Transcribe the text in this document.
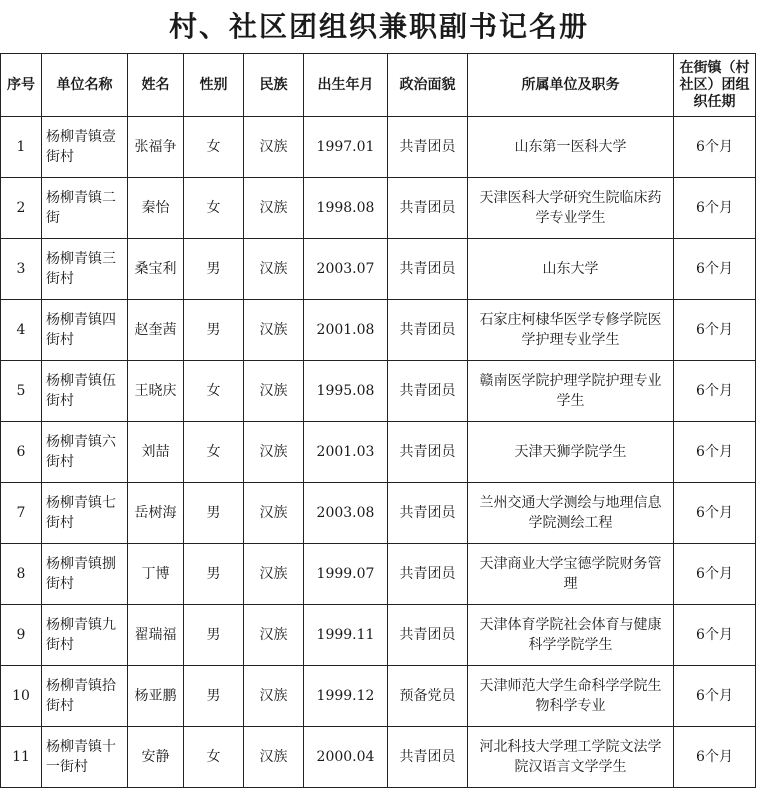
村、社区团组织兼职副书记名册
序号	单位名称	姓名	性别	民族	出生年月	政治面貌	所属单位及职务	在街镇（村社区）团组织任期
1	杨柳青镇壹街村	张福争	女	汉族	1997.01	共青团员	山东第一医科大学	6个月
2	杨柳青镇二街	秦怡	女	汉族	1998.08	共青团员	天津医科大学研究生院临床药学专业学生	6个月
3	杨柳青镇三街村	桑宝利	男	汉族	2003.07	共青团员	山东大学	6个月
4	杨柳青镇四街村	赵奎茜	男	汉族	2001.08	共青团员	石家庄柯棣华医学专修学院医学护理专业学生	6个月
5	杨柳青镇伍街村	王晓庆	女	汉族	1995.08	共青团员	赣南医学院护理学院护理专业学生	6个月
6	杨柳青镇六街村	刘喆	女	汉族	2001.03	共青团员	天津天狮学院学生	6个月
7	杨柳青镇七街村	岳树海	男	汉族	2003.08	共青团员	兰州交通大学测绘与地理信息学院测绘工程	6个月
8	杨柳青镇捌街村	丁博	男	汉族	1999.07	共青团员	天津商业大学宝德学院财务管理	6个月
9	杨柳青镇九街村	翟瑞福	男	汉族	1999.11	共青团员	天津体育学院社会体育与健康科学学院学生	6个月
10	杨柳青镇拾街村	杨亚鹏	男	汉族	1999.12	预备党员	天津师范大学生命科学学院生物科学专业	6个月
11	杨柳青镇十一街村	安静	女	汉族	2000.04	共青团员	河北科技大学理工学院文法学院汉语言文学学生	6个月
